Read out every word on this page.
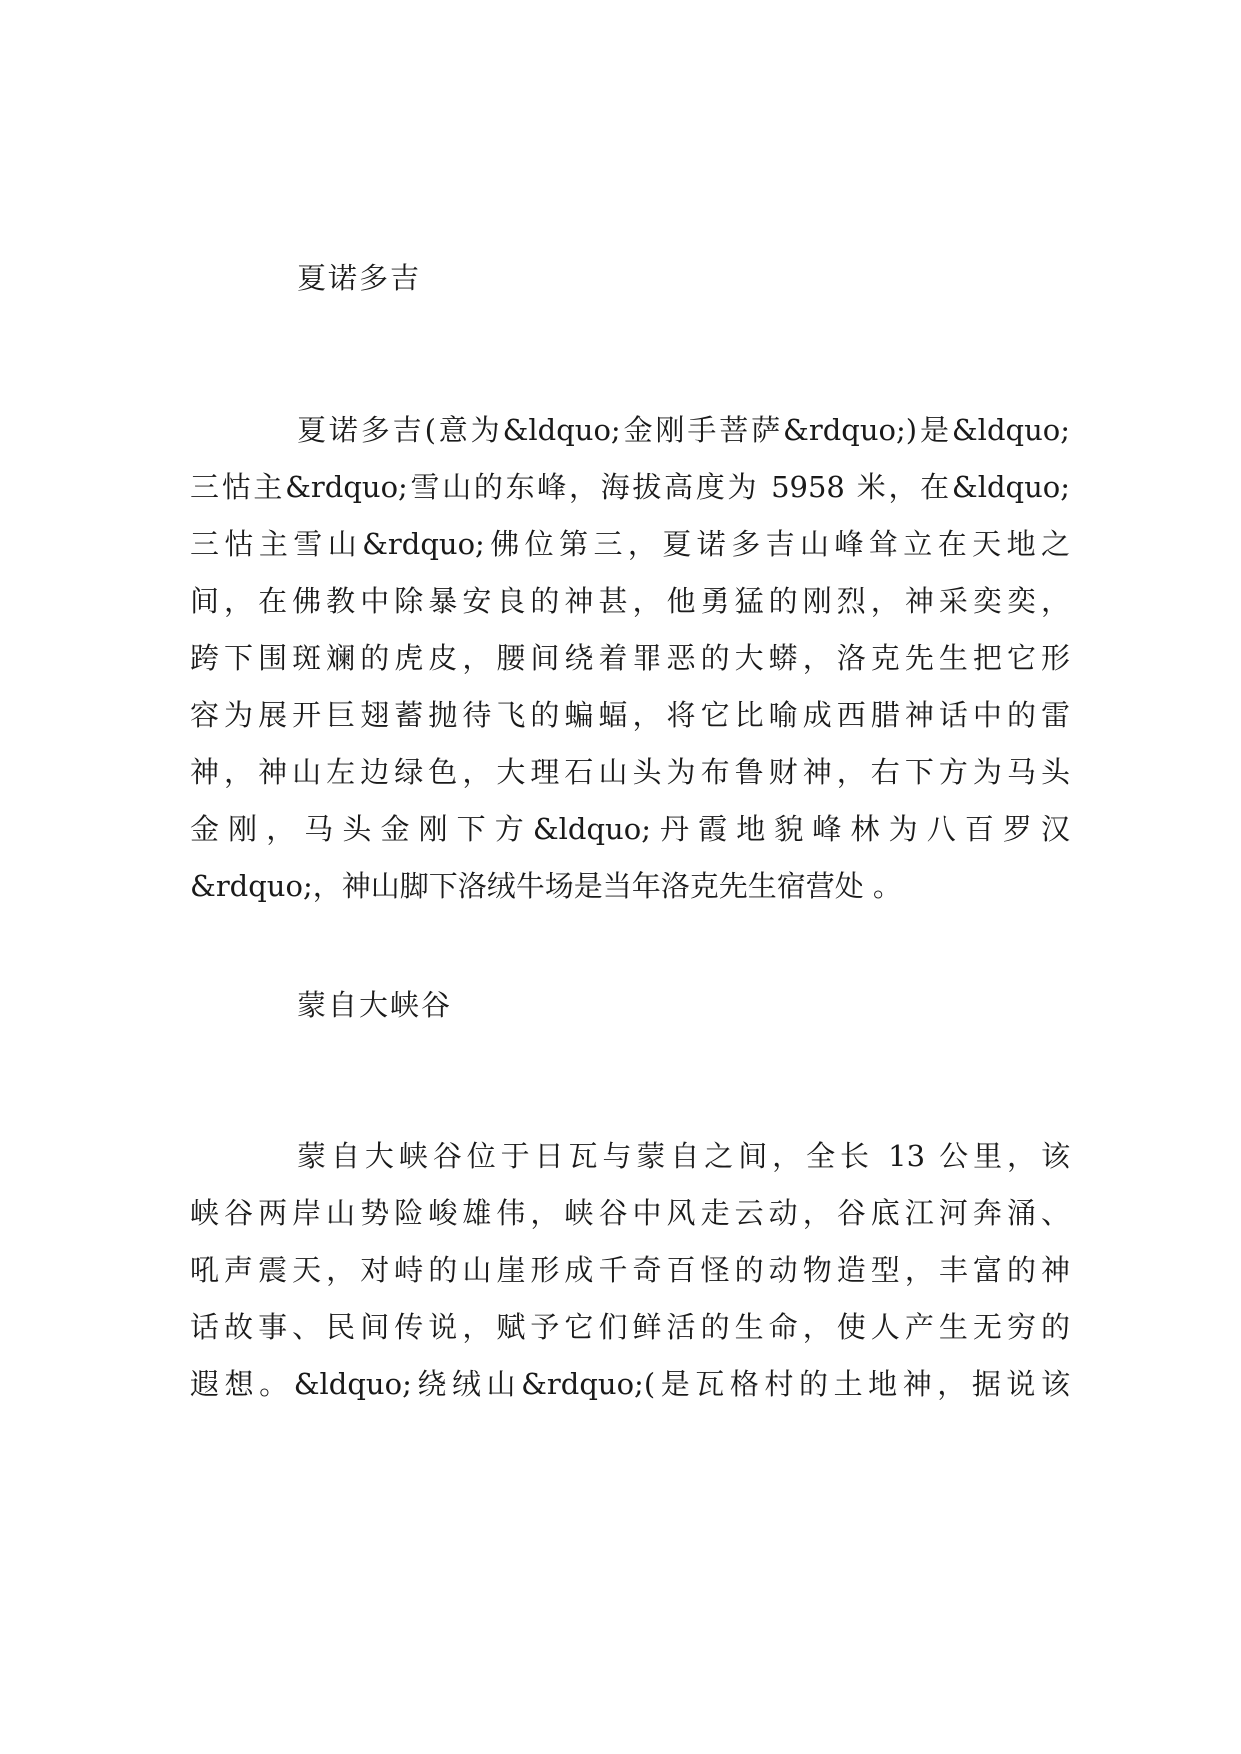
夏诺多吉
夏诺多吉(意为&ldquo;金刚手菩萨&rdquo;)是&ldquo;
三怙主&rdquo;雪山的东峰，海拔高度为 5958 米，在&ldquo;
三怙主雪山&rdquo;佛位第三，夏诺多吉山峰耸立在天地之
间，在佛教中除暴安良的神甚，他勇猛的刚烈，神采奕奕，
跨下围斑斓的虎皮，腰间绕着罪恶的大蟒，洛克先生把它形
容为展开巨翅蓄抛待飞的蝙蝠，将它比喻成西腊神话中的雷
神，神山左边绿色，大理石山头为布鲁财神，右下方为马头
金刚，马头金刚下方&ldquo;丹霞地貌峰林为八百罗汉
&rdquo;，神山脚下洛绒牛场是当年洛克先生宿营处 。
蒙自大峡谷
蒙自大峡谷位于日瓦与蒙自之间，全长 13 公里，该
峡谷两岸山势险峻雄伟，峡谷中风走云动，谷底江河奔涌、
吼声震天，对峙的山崖形成千奇百怪的动物造型，丰富的神
话故事、民间传说，赋予它们鲜活的生命，使人产生无穷的
遐想。&ldquo;绕绒山&rdquo;(是瓦格村的土地神，据说该
